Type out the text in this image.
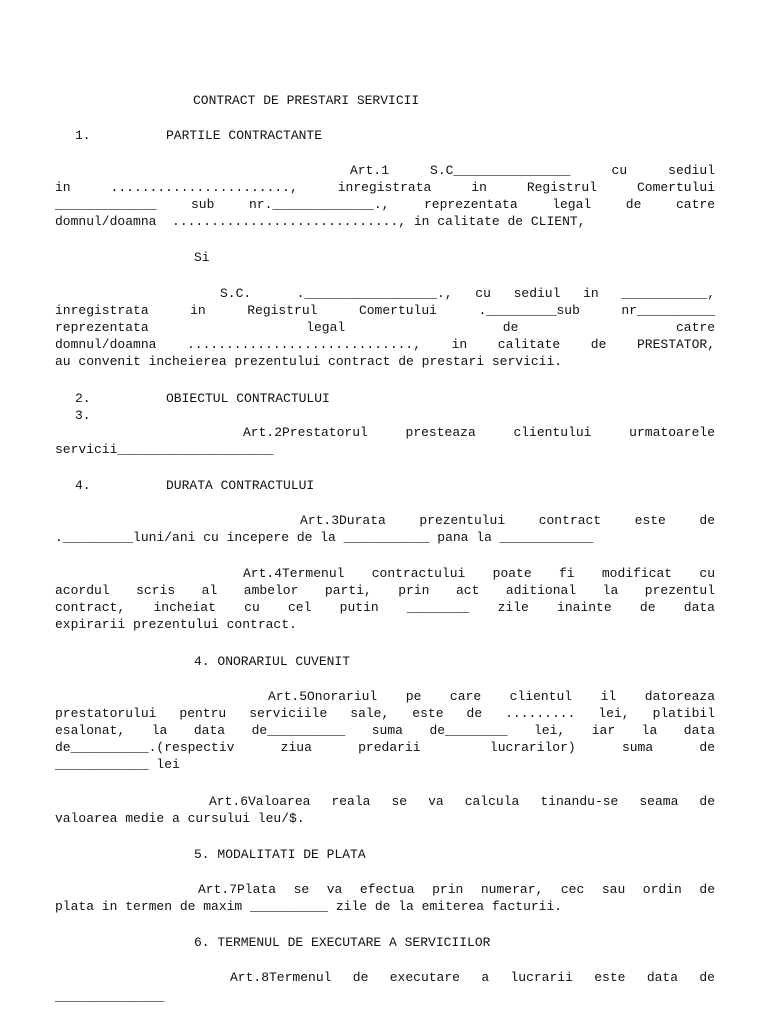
CONTRACT DE PRESTARI SERVICII
1.	PARTILE CONTRACTANTE
Art.1  S.C_______________  cu  sediul
in  .......................,  inregistrata  in  Registrul  Comertului
_____________  sub  nr._____________.,  reprezentata  legal  de  catre
domnul/doamna  ............................., in calitate de CLIENT,
Si
S.C.  ._________________., cu sediul in ___________,
inregistrata in Registrul Comertului ._________sub nr__________
reprezentata              legal              de              catre
domnul/doamna ............................., in calitate de PRESTATOR,
au convenit incheierea prezentului contract de prestari servicii.
2.	OBIECTUL CONTRACTULUI
3.
Art.2Prestatorul presteaza clientului urmatoarele
servicii____________________
4.	DURATA CONTRACTULUI
Art.3Durata  prezentului  contract  este  de
._________luni/ani cu incepere de la ___________ pana la ____________
Art.4Termenul contractului poate fi modificat cu
acordul scris al ambelor parti, prin act aditional la prezentul
contract, incheiat cu cel putin ________ zile inainte de data
expirarii prezentului contract.
4. ONORARIUL CUVENIT
Art.5Onorariul pe care clientul il datoreaza
prestatorului pentru serviciile sale, este de ......... lei, platibil
esalonat, la data de__________ suma de________ lei, iar la data
de__________.(respectiv  ziua  predarii   lucrarilor)  suma  de
____________ lei
Art.6Valoarea reala se va calcula tinandu-se seama de
valoarea medie a cursului leu/$.
5. MODALITATI DE PLATA
Art.7Plata se va efectua prin numerar, cec sau ordin de
plata in termen de maxim __________ zile de la emiterea facturii.
6. TERMENUL DE EXECUTARE A SERVICIILOR
Art.8Termenul de executare a lucrarii este data de
______________
